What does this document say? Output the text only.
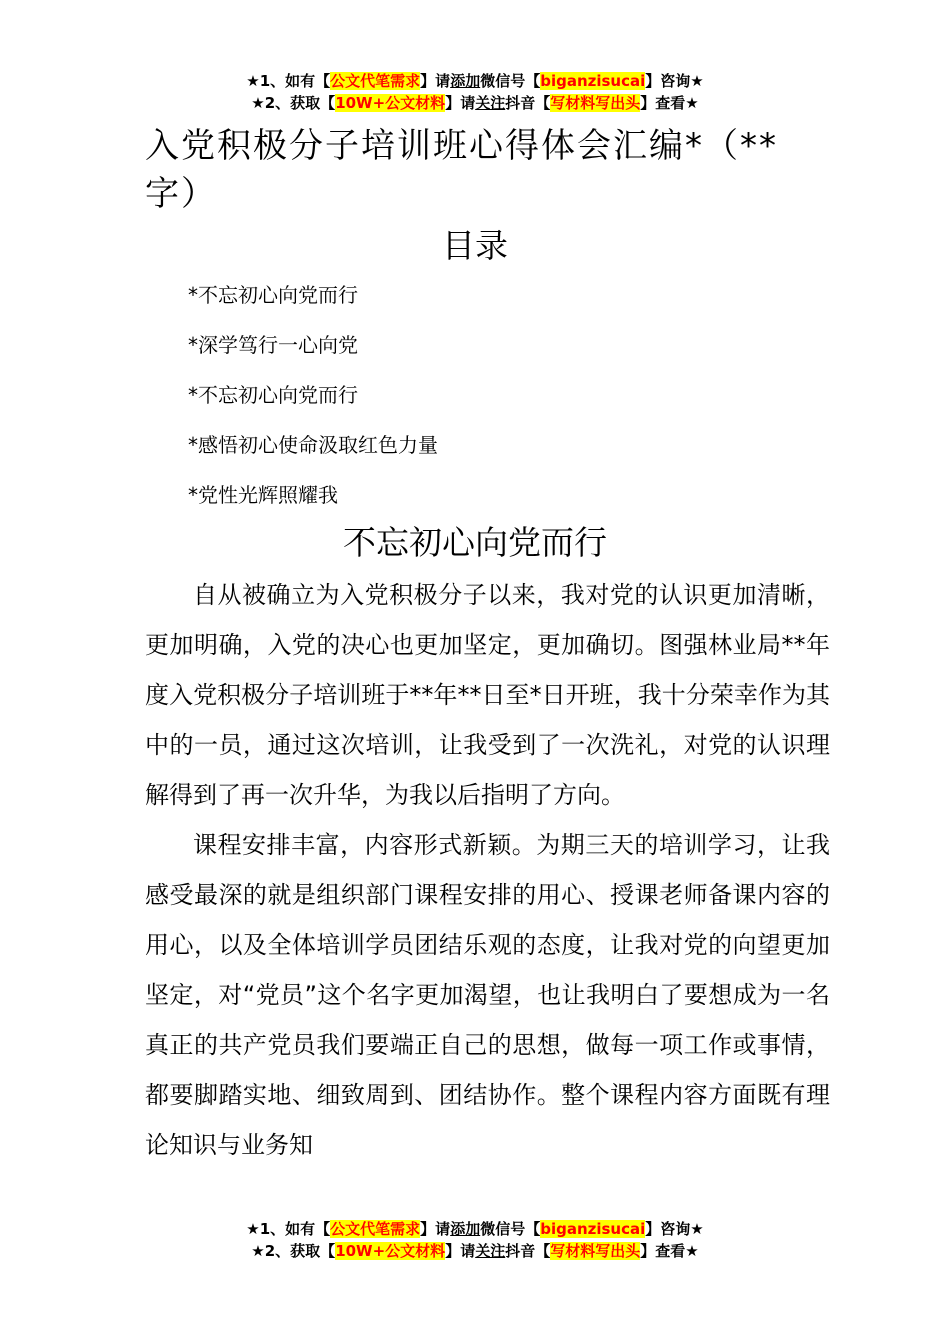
★1、如有【公文代笔需求】请添加微信号【biganzisucai】咨询★
★2、获取【10W+公文材料】请关注抖音【写材料写出头】查看★
入党积极分子培训班心得体会汇编*（**字）
目录
*不忘初心向党而行
*深学笃行一心向党
*不忘初心向党而行
*感悟初心使命汲取红色力量
*党性光辉照耀我
不忘初心向党而行

自从被确立为入党积极分子以来，我对党的认识更加清晰，更加明确，入党的决心也更加坚定，更加确切。图强林业局**年度入党积极分子培训班于**年**日至*日开班，我十分荣幸作为其中的一员，通过这次培训，让我受到了一次洗礼，对党的认识理解得到了再一次升华，为我以后指明了方向。

课程安排丰富，内容形式新颖。为期三天的培训学习，让我感受最深的就是组织部门课程安排的用心、授课老师备课内容的用心，以及全体培训学员团结乐观的态度，让我对党的向望更加坚定，对“党员”这个名字更加渴望，也让我明白了要想成为一名真正的共产党员我们要端正自己的思想，做每一项工作或事情，都要脚踏实地、细致周到、团结协作。整个课程内容方面既有理论知识与业务知

★1、如有【公文代笔需求】请添加微信号【biganzisucai】咨询★
★2、获取【10W+公文材料】请关注抖音【写材料写出头】查看★
